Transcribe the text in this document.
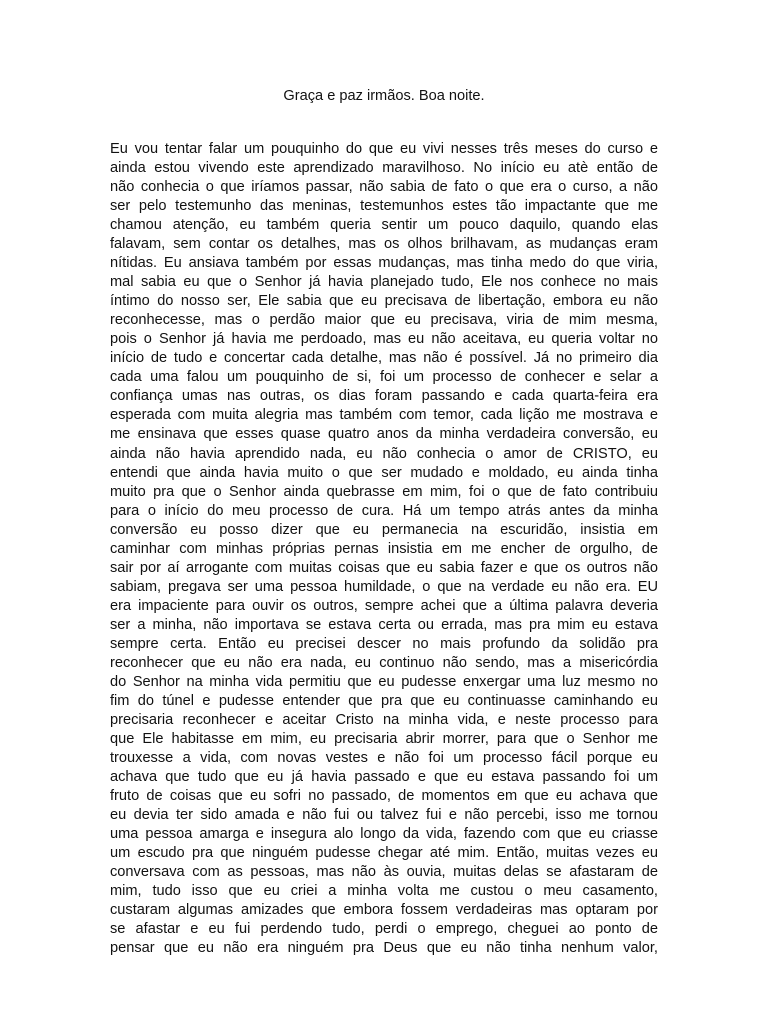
Graça e paz irmãos. Boa noite.

Eu vou tentar falar um pouquinho do que eu vivi nesses três meses do curso e
ainda estou vivendo este aprendizado maravilhoso. No início eu atè então de
não conhecia o que iríamos passar, não sabia de fato o que era o curso, a não
ser pelo testemunho das meninas, testemunhos estes tão impactante que me
chamou atenção, eu também queria sentir um pouco daquilo, quando elas
falavam, sem contar os detalhes, mas os olhos brilhavam, as mudanças eram
nítidas. Eu ansiava também por essas mudanças, mas tinha medo do que viria,
mal sabia eu que o Senhor já havia planejado tudo, Ele nos conhece no mais
íntimo do nosso ser, Ele sabia que eu precisava de libertação, embora eu não
reconhecesse, mas o perdão maior que eu precisava, viria de mim mesma,
pois o Senhor já havia me perdoado, mas eu não aceitava, eu queria voltar no
início de tudo e concertar cada detalhe, mas não é possível. Já no primeiro dia
cada uma falou um pouquinho de si, foi um processo de conhecer e selar a
confiança umas nas outras, os dias foram passando e cada quarta-feira era
esperada com muita alegria mas também com temor, cada lição me mostrava e
me ensinava que esses quase quatro anos da minha verdadeira conversão, eu
ainda não havia aprendido nada, eu não conhecia o amor de CRISTO, eu
entendi que ainda havia muito o que ser mudado e moldado, eu ainda tinha
muito pra que o Senhor ainda quebrasse em mim, foi o que de fato contribuiu
para o início do meu processo de cura. Há um tempo atrás antes da minha
conversão eu posso dizer que eu permanecia na escuridão, insistia em
caminhar com minhas próprias pernas insistia em me encher de orgulho, de
sair por aí arrogante com muitas coisas que eu sabia fazer e que os outros não
sabiam, pregava ser uma pessoa humildade, o que na verdade eu não era. EU
era impaciente para ouvir os outros, sempre achei que a última palavra deveria
ser a minha, não importava se estava certa ou errada, mas pra mim eu estava
sempre certa. Então eu precisei descer no mais profundo da solidão pra
reconhecer que eu não era nada, eu continuo não sendo, mas a misericórdia
do Senhor na minha vida permitiu que eu pudesse enxergar uma luz mesmo no
fim do túnel e pudesse entender que pra que eu continuasse caminhando eu
precisaria reconhecer e aceitar Cristo na minha vida, e neste processo para
que Ele habitasse em mim, eu precisaria abrir morrer, para que o Senhor me
trouxesse a vida, com novas vestes e não foi um processo fácil porque eu
achava que tudo que eu já havia passado e que eu estava passando foi um
fruto de coisas que eu sofri no passado, de momentos em que eu achava que
eu devia ter sido amada e não fui ou talvez fui e não percebi, isso me tornou
uma pessoa amarga e insegura alo longo da vida, fazendo com que eu criasse
um escudo pra que ninguém pudesse chegar até mim. Então, muitas vezes eu
conversava com as pessoas, mas não às ouvia, muitas delas se afastaram de
mim, tudo isso que eu criei a minha volta me custou o meu casamento,
custaram algumas amizades que embora fossem verdadeiras mas optaram por
se afastar e eu fui perdendo tudo, perdi o emprego, cheguei ao ponto de
pensar que eu não era ninguém pra Deus que eu não tinha nenhum valor,
